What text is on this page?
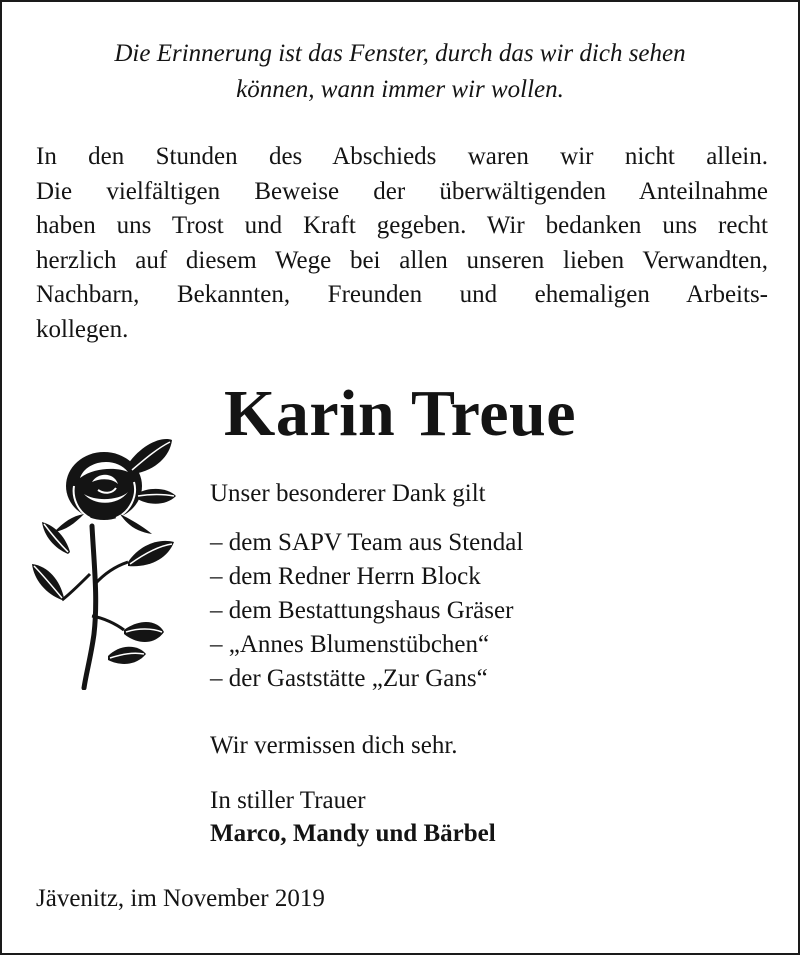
Die Erinnerung ist das Fenster, durch das wir dich sehen
können, wann immer wir wollen.
In den Stunden des Abschieds waren wir nicht allein.
Die vielfältigen Beweise der überwältigenden Anteilnahme
haben uns Trost und Kraft gegeben. Wir bedanken uns recht
herzlich auf diesem Wege bei allen unseren lieben Verwandten,
Nachbarn, Bekannten, Freunden und ehemaligen Arbeits-
kollegen.
Karin Treue
Unser besonderer Dank gilt
– dem SAPV Team aus Stendal
– dem Redner Herrn Block
– dem Bestattungshaus Gräser
– „Annes Blumenstübchen“
– der Gaststätte „Zur Gans“
Wir vermissen dich sehr.
In stiller Trauer
Marco, Mandy und Bärbel
Jävenitz, im November 2019
